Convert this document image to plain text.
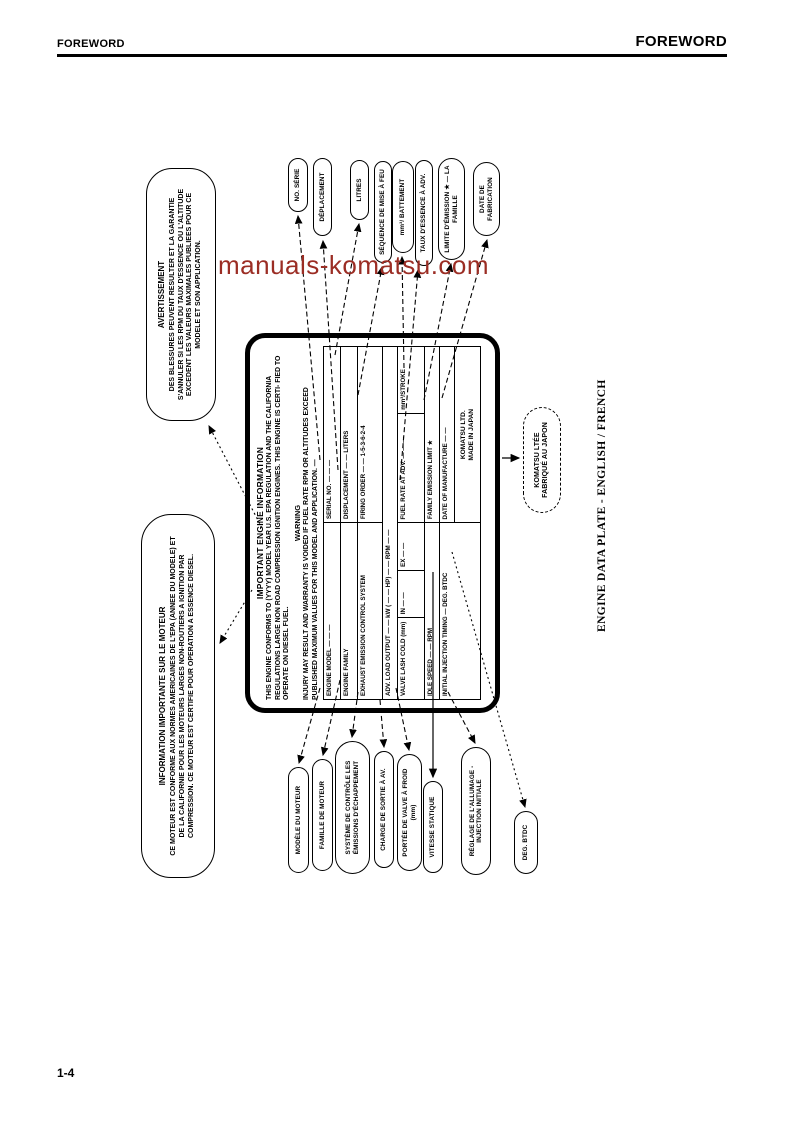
FOREWORD	FOREWORD
AVERTISSEMENT DES BLESSURES PEUVENT RESULTER ET LA GARANTIE S'ANNULER SI LES RPM DU TAUX D'ESSENCE OU L'ALTITUDE EXCEDENT LES VALEURS MAXIMALES PUBLIEES POUR CE MODELE ET SON APPLICATION.
INFORMATION IMPORTANTE SUR LE MOTEUR CE MOTEUR EST CONFORME AUX NORMES AMERICAINES DE L'EPA (ANNEE DU MODELE) ET DE LA CALIFORNIE POUR LES MOTEURS LARGES NON-ROUTIERS A IGNITION PAR COMPRESSION. CE MOTEUR EST CERTIFIE POUR OPERATION A ESSENCE DIESEL.
IMPORTANT ENGINE INFORMATION THIS ENGINE CONFORMS TO (YYYY) MODEL YEAR U.S. EPA REGULATION AND THE CALIFORNIA REGULATIONS LARGE NON ROAD COMPRESSION IGNITION ENGINES. THIS ENGINE IS CERTI- FIED TO OPERATE ON DIESEL FUEL.
WARNING INJURY MAY RESULT AND WARRANTY IS VOIDED IF FUEL RATE RPM OR ALTITUDES EXCEED PUBLISHED MAXIMUM VALUES FOR THIS MODEL AND APPLICATION. — ENGINE MODEL — — —
SERIAL NO. — — —
ENGINE FAMILY
DISPLACEMENT — — LITERS
EXHAUST EMISSION CONTROL SYSTEM
FIRING ORDER — — 1-5-3-6-2-4
ADV. LOAD OUTPUT — — kW ( — — HP) — — RPM — —	VALVE LASH COLD (mm)
IN — —
EX — —
FUEL RATE AT ADV. — — —
mm³/STROKE
IDLE SPEED — — RPM
FAMILY EMISSION LIMIT ★
INITIAL INJECTION TIMING — DEG. BTDC
DATE OF MANUFACTURE — —	KOMATSU LTD. MADE IN JAPAN
NO. SÉRIE	DÉPLACEMENT	LITRES	SÉQUENCE DE MISE À FEU	mm³/ BATTEMENT	TAUX D'ESSENCE À ADV.	LIMITE D'ÉMISSION ★ — LA FAMILLE	DATE DE FABRICATION
MODÈLE DU MOTEUR	FAMILLE DE MOTEUR	SYSTÈME DE CONTRÔLE LES ÉMISSIONS D'ÉCHAPPEMENT	CHARGE DE SORTIE À AV.	PORTÉE DE VALVE À FROID (mm)	VITESSE STATIQUE	RÉGLAGE DE L'ALLUMAGE - INJECTION INITIALE	DEG. BTDC
KOMATSU LTÉE FABRIQUÉ AU JAPON	ENGINE DATA PLATE - ENGLISH / FRENCH
manuals-komatsu.com
1-4
